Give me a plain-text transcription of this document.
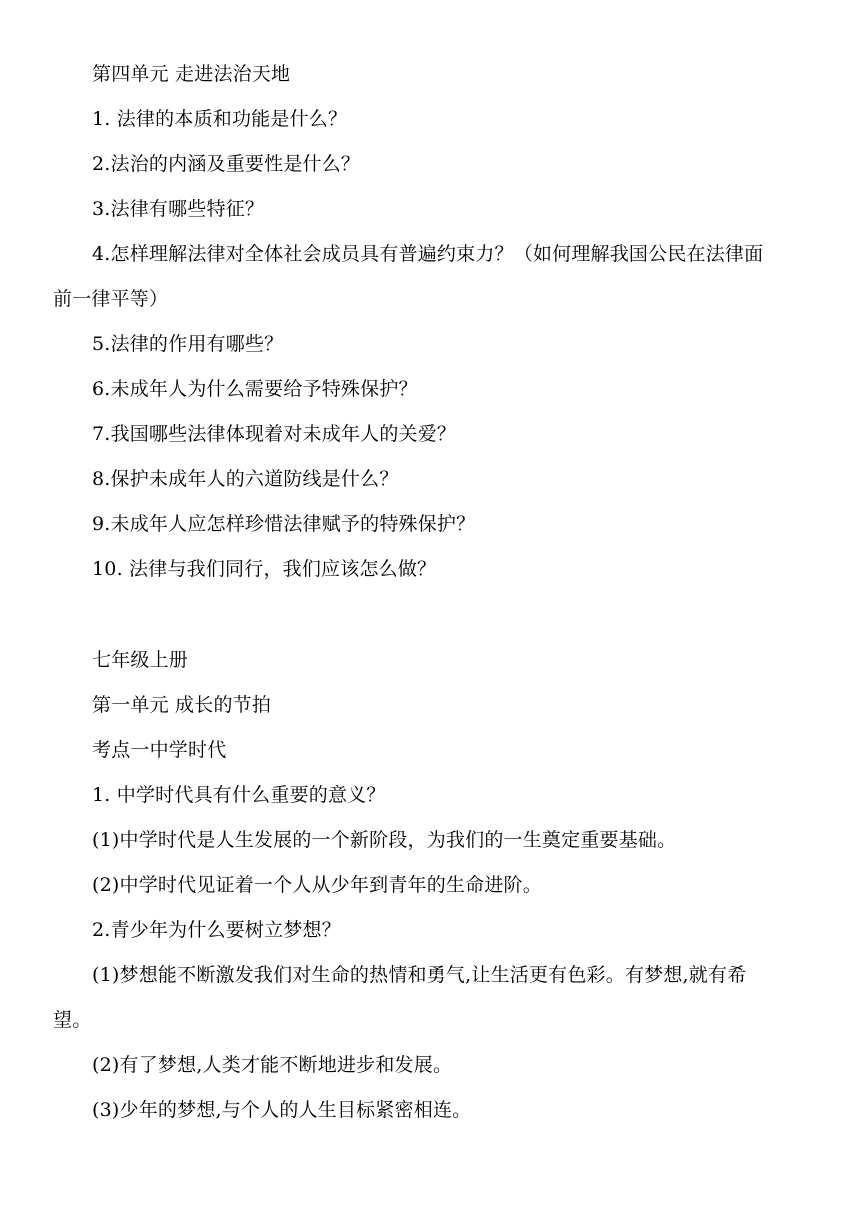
第四单元 走进法治天地
1. 法律的本质和功能是什么？
2.法治的内涵及重要性是什么？
3.法律有哪些特征？
4.怎样理解法律对全体社会成员具有普遍约束力？（如何理解我国公民在法律面
前一律平等）
5.法律的作用有哪些？
6.未成年人为什么需要给予特殊保护？
7.我国哪些法律体现着对未成年人的关爱？
8.保护未成年人的六道防线是什么？
9.未成年人应怎样珍惜法律赋予的特殊保护？
10. 法律与我们同行，我们应该怎么做？
七年级上册
第一单元 成长的节拍
考点一中学时代
1. 中学时代具有什么重要的意义？
(1)中学时代是人生发展的一个新阶段，为我们的一生奠定重要基础。
(2)中学时代见证着一个人从少年到青年的生命进阶。
2.青少年为什么要树立梦想？
(1)梦想能不断激发我们对生命的热情和勇气,让生活更有色彩。有梦想,就有希
望。
(2)有了梦想,人类才能不断地进步和发展。
(3)少年的梦想,与个人的人生目标紧密相连。
